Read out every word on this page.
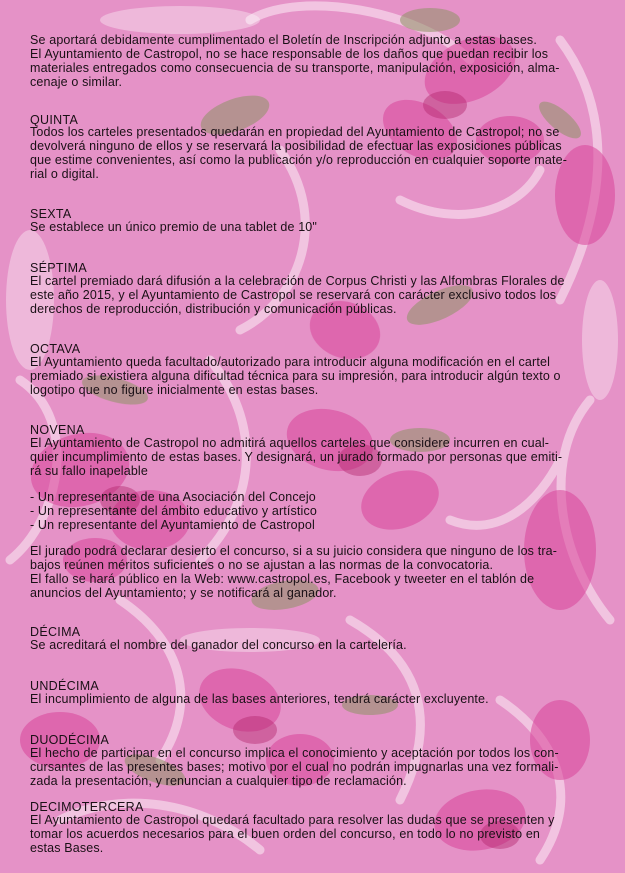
Se aportará debidamente cumplimentado el Boletín de Inscripción adjunto a estas bases.

El Ayuntamiento de Castropol, no se hace responsable de los daños que puedan recibir los

materiales entregados como consecuencia de su transporte, manipulación, exposición, alma-

cenaje o similar.

QUINTA

Todos los carteles presentados quedarán en propiedad del Ayuntamiento de Castropol; no se

devolverá ninguno de ellos y se reservará la posibilidad de efectuar las exposiciones públicas

que estime convenientes, así como la publicación y/o reproducción en cualquier soporte mate-

rial o digital.

SEXTA

Se establece un único premio de una tablet de 10"

SÉPTIMA

El cartel premiado dará difusión a la celebración de Corpus Christi y las Alfombras Florales de

este año 2015, y el Ayuntamiento de Castropol se reservará con carácter exclusivo todos los

derechos de reproducción, distribución y comunicación públicas.

OCTAVA

El Ayuntamiento queda facultado/autorizado para introducir alguna modificación en el cartel

premiado si existiera alguna dificultad técnica para su impresión, para introducir algún texto o

logotipo que no figure inicialmente en estas bases.

NOVENA

El Ayuntamiento de Castropol no admitirá aquellos carteles que considere incurren en cual-

quier incumplimiento de estas bases. Y designará, un jurado formado por personas que emiti-

rá su fallo inapelable

- Un representante de una Asociación del Concejo

- Un representante del ámbito educativo y artístico

- Un representante del Ayuntamiento de Castropol

El jurado podrá declarar desierto el concurso, si a su juicio considera que ninguno de los tra-

bajos reúnen méritos suficientes o no se ajustan a las normas de la convocatoria.

El fallo se hará público en la Web: www.castropol.es, Facebook y tweeter en el tablón de

anuncios del Ayuntamiento; y se notificará al ganador.

DÉCIMA

Se acreditará el nombre del ganador del concurso en la cartelería.

UNDÉCIMA

El incumplimiento de alguna de las bases anteriores, tendrá carácter excluyente.

DUODÉCIMA

El hecho de participar en el concurso implica el conocimiento y aceptación por todos los con-

cursantes de las presentes bases; motivo por el cual no podrán impugnarlas una vez formali-

zada la presentación, y renuncian a cualquier tipo de reclamación.

DECIMOTERCERA

El Ayuntamiento de Castropol quedará facultado para resolver las dudas que se presenten y

tomar los acuerdos necesarios para el buen orden del concurso, en todo lo no previsto en

estas Bases.
